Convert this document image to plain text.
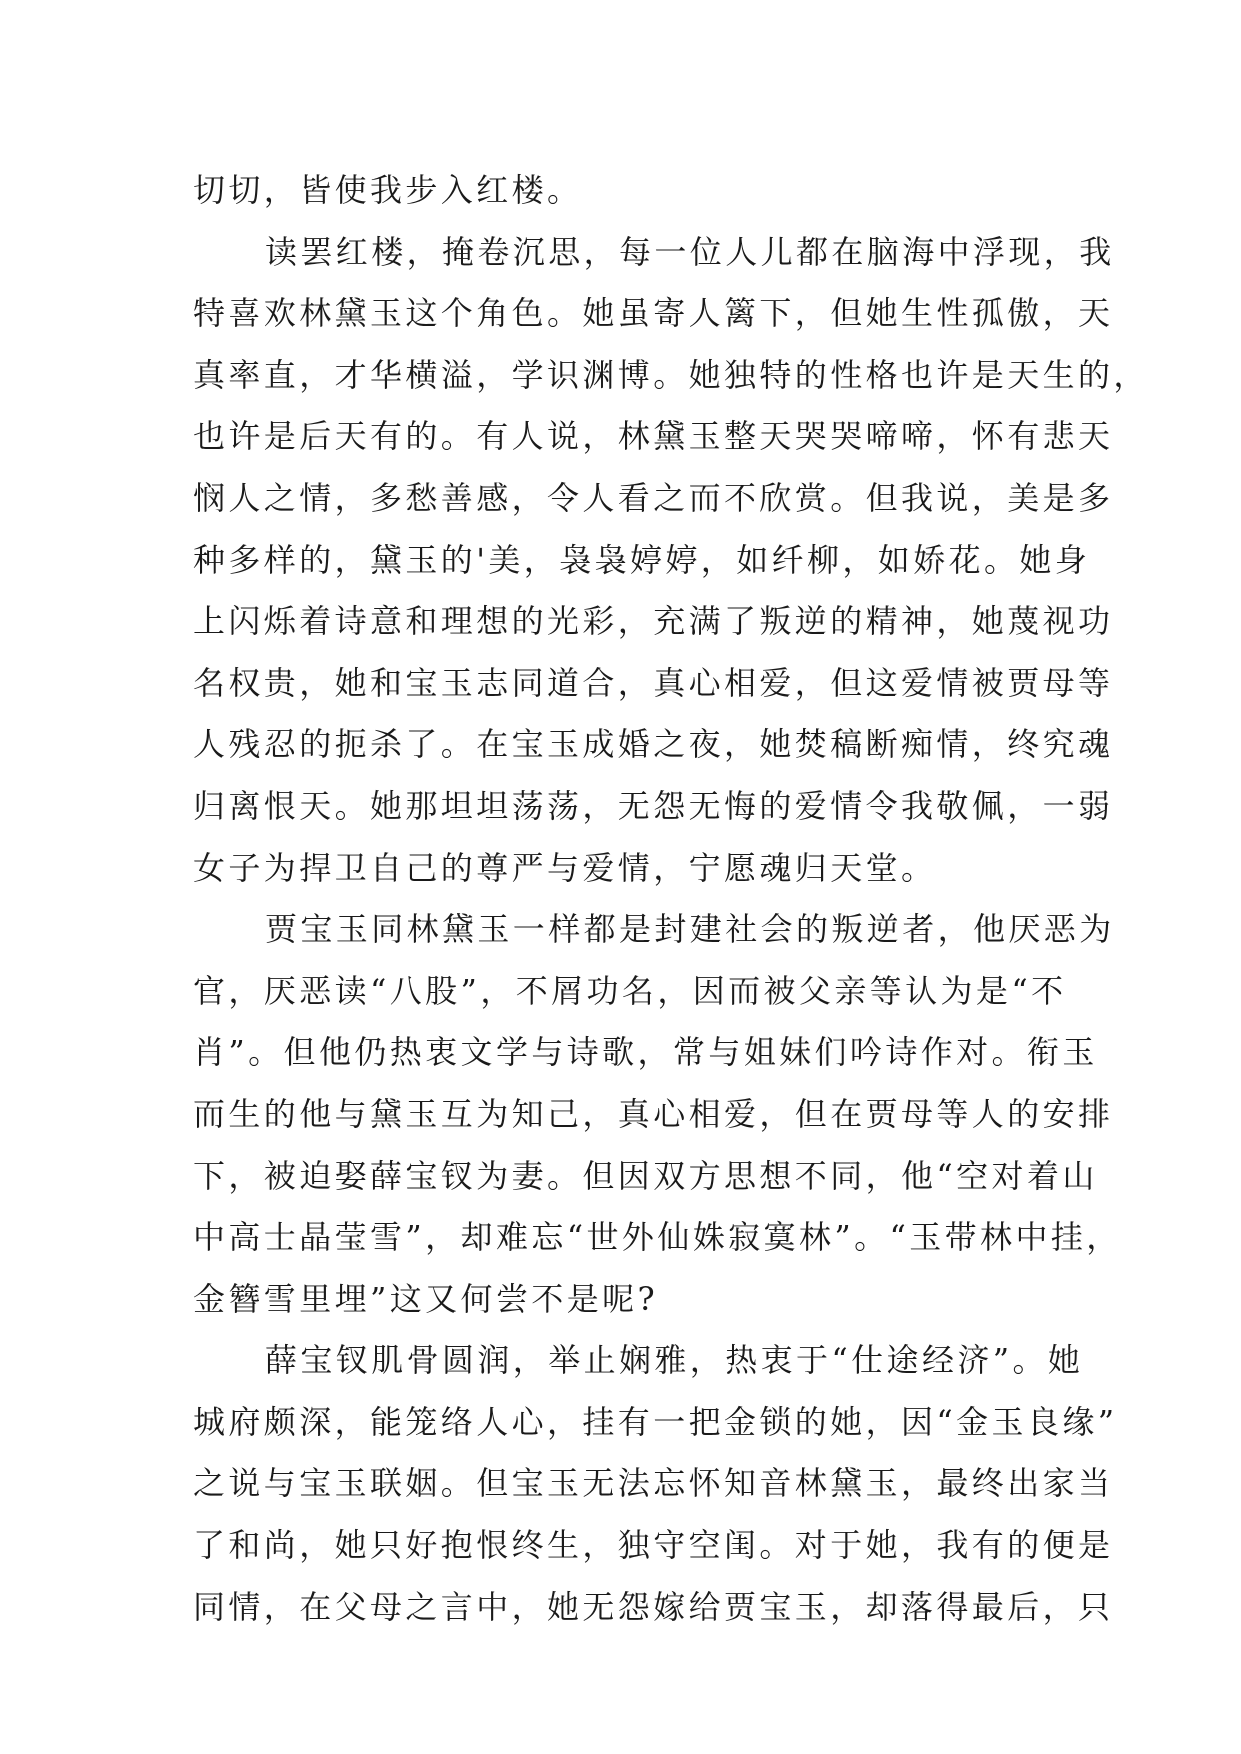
切切，皆使我步入红楼。
读罢红楼，掩卷沉思，每一位人儿都在脑海中浮现，我
特喜欢林黛玉这个角色。她虽寄人篱下，但她生性孤傲，天
真率直，才华横溢，学识渊博。她独特的性格也许是天生的，
也许是后天有的。有人说，林黛玉整天哭哭啼啼，怀有悲天
悯人之情，多愁善感，令人看之而不欣赏。但我说，美是多
种多样的，黛玉的'美，袅袅婷婷，如纤柳，如娇花。她身
上闪烁着诗意和理想的光彩，充满了叛逆的精神，她蔑视功
名权贵，她和宝玉志同道合，真心相爱，但这爱情被贾母等
人残忍的扼杀了。在宝玉成婚之夜，她焚稿断痴情，终究魂
归离恨天。她那坦坦荡荡，无怨无悔的爱情令我敬佩，一弱
女子为捍卫自己的尊严与爱情，宁愿魂归天堂。
贾宝玉同林黛玉一样都是封建社会的叛逆者，他厌恶为
官，厌恶读“八股”，不屑功名，因而被父亲等认为是“不
肖”。但他仍热衷文学与诗歌，常与姐妹们吟诗作对。衔玉
而生的他与黛玉互为知己，真心相爱，但在贾母等人的安排
下，被迫娶薛宝钗为妻。但因双方思想不同，他“空对着山
中高士晶莹雪”，却难忘“世外仙姝寂寞林”。“玉带林中挂，
金簪雪里埋”这又何尝不是呢?
薛宝钗肌骨圆润，举止娴雅，热衷于“仕途经济”。她
城府颇深，能笼络人心，挂有一把金锁的她，因“金玉良缘”
之说与宝玉联姻。但宝玉无法忘怀知音林黛玉，最终出家当
了和尚，她只好抱恨终生，独守空闺。对于她，我有的便是
同情，在父母之言中，她无怨嫁给贾宝玉，却落得最后，只
